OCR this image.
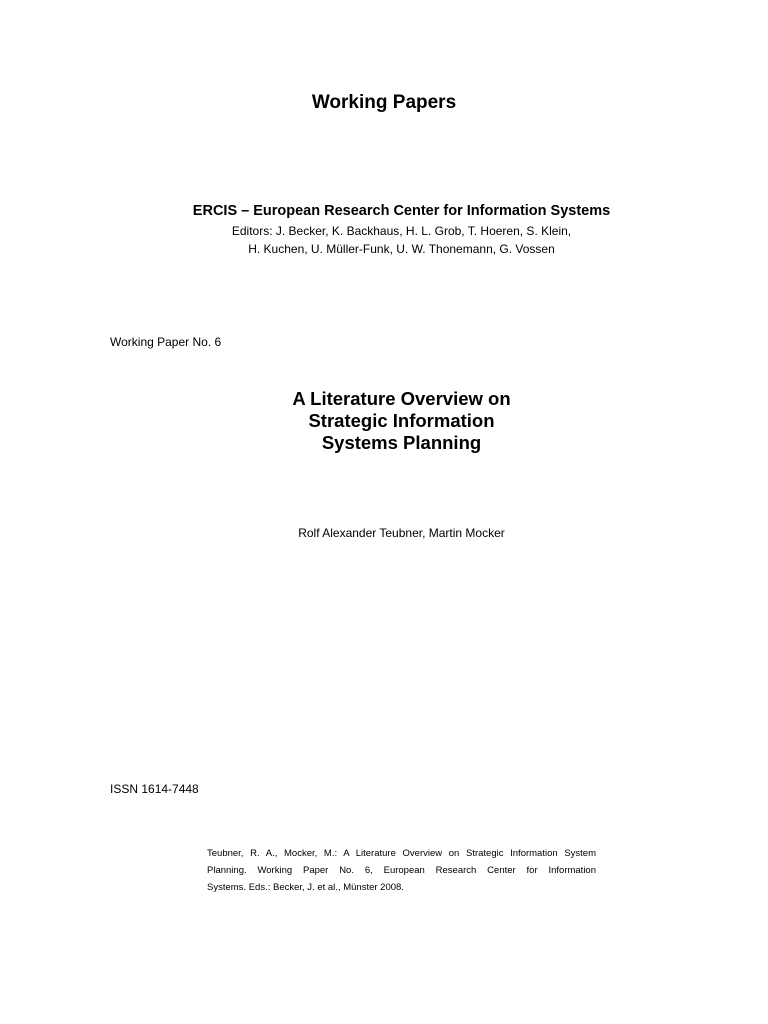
Working Papers
ERCIS – European Research Center for Information Systems
Editors: J. Becker, K. Backhaus, H. L. Grob, T. Hoeren, S. Klein,
H. Kuchen, U. Müller-Funk, U. W. Thonemann, G. Vossen
Working Paper No. 6
A Literature Overview on
Strategic Information
Systems Planning
Rolf Alexander Teubner, Martin Mocker
ISSN 1614-7448
Teubner, R. A., Mocker, M.: A Literature Overview on Strategic Information System
Planning. Working Paper No. 6, European Research Center for Information
Systems. Eds.: Becker, J. et al., Münster 2008.
